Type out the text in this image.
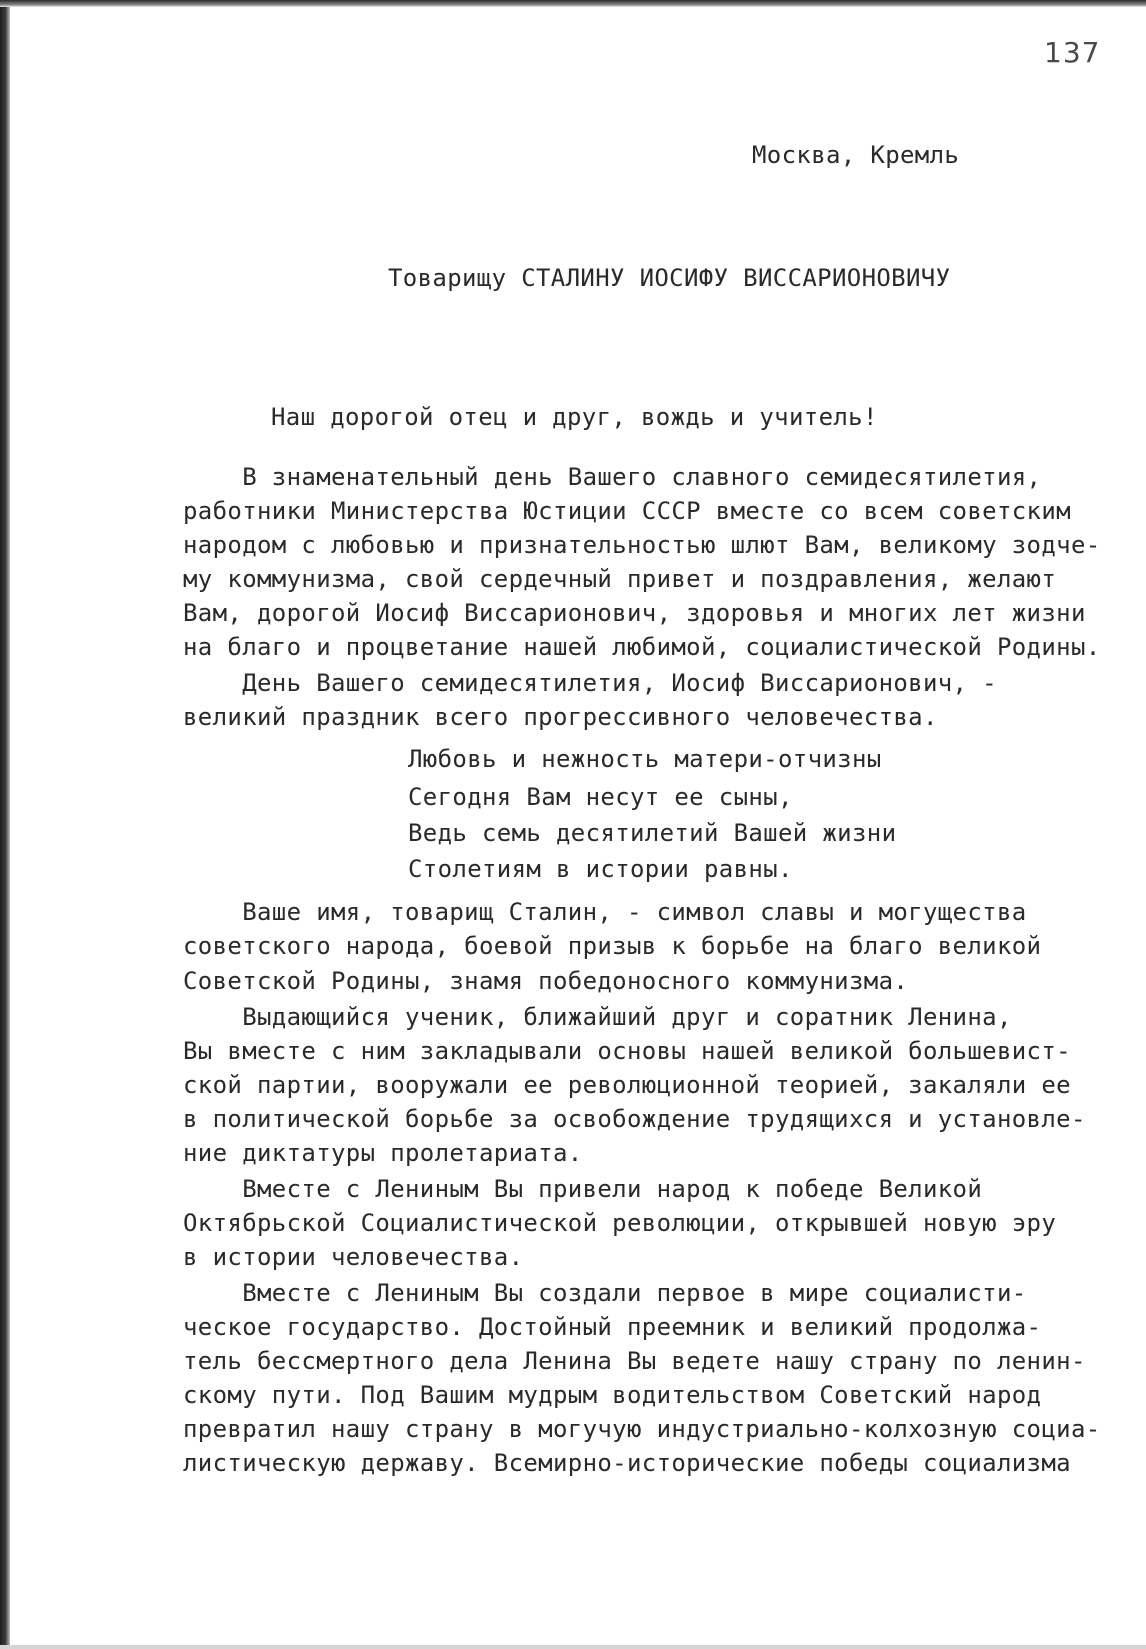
137
Москва, Кремль
Товарищу СТАЛИНУ ИОСИФУ ВИССАРИОНОВИЧУ
Наш дорогой отец и друг, вождь и учитель!
В знаменательный день Вашего славного семидесятилетия,
работники Министерства Юстиции СССР вместе со всем советским
народом с любовью и признательностью шлют Вам, великому зодче-
му коммунизма, свой сердечный привет и поздравления, желают
Вам, дорогой Иосиф Виссарионович, здоровья и многих лет жизни
на благо и процветание нашей любимой, социалистической Родины.
День Вашего семидесятилетия, Иосиф Виссарионович, -
великий праздник всего прогрессивного человечества.
Любовь и нежность матери-отчизны
Сегодня Вам несут ее сыны,
Ведь семь десятилетий Вашей жизни
Столетиям в истории равны.
Ваше имя, товарищ Сталин, - символ славы и могущества
советского народа, боевой призыв к борьбе на благо великой
Советской Родины, знамя победоносного коммунизма.
Выдающийся ученик, ближайший друг и соратник Ленина,
Вы вместе с ним закладывали основы нашей великой большевист-
ской партии, вооружали ее революционной теорией, закаляли ее
в политической борьбе за освобождение трудящихся и установле-
ние диктатуры пролетариата.
Вместе с Лениным Вы привели народ к победе Великой
Октябрьской Социалистической революции, открывшей новую эру
в истории человечества.
Вместе с Лениным Вы создали первое в мире социалисти-
ческое государство. Достойный преемник и великий продолжа-
тель бессмертного дела Ленина Вы ведете нашу страну по ленин-
скому пути. Под Вашим мудрым водительством Советский народ
превратил нашу страну в могучую индустриально-колхозную социа-
листическую державу. Всемирно-исторические победы социализма
